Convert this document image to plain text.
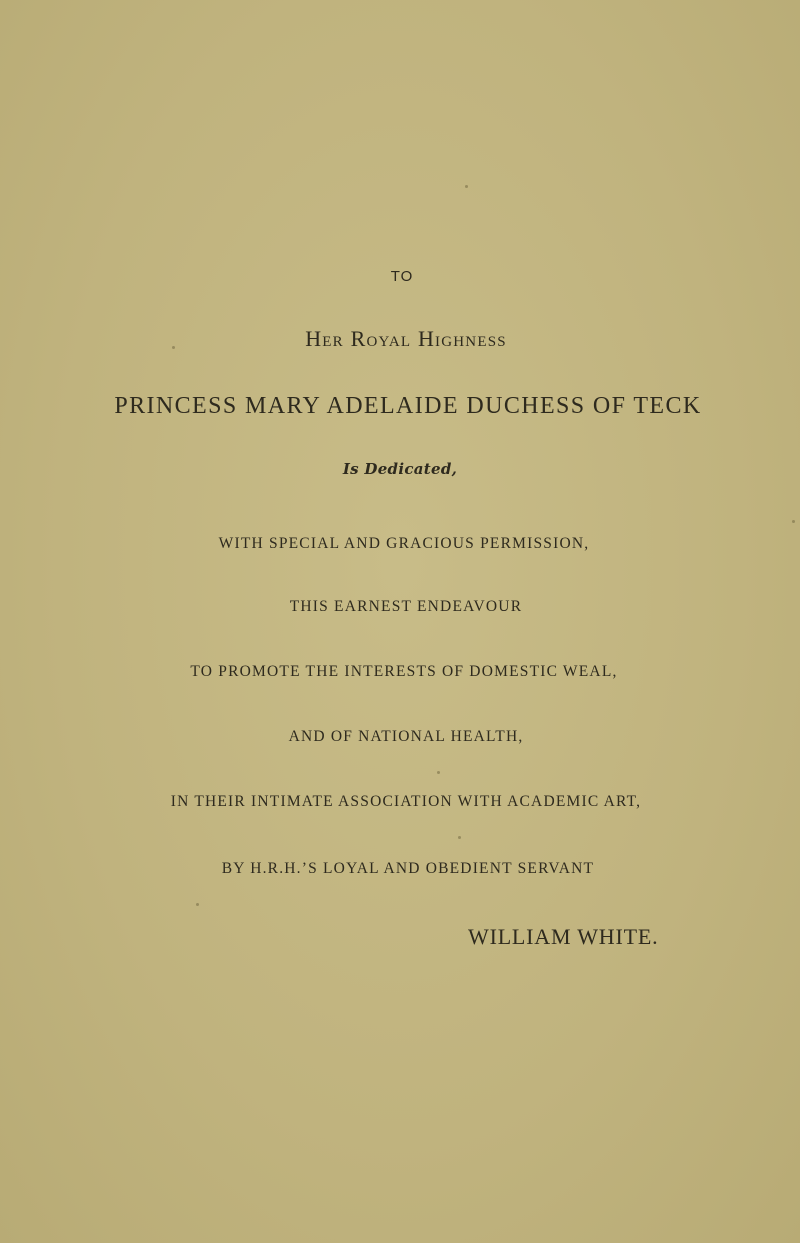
TO
Her Royal Highness
PRINCESS MARY ADELAIDE DUCHESS OF TECK
Is Dedicated,
WITH SPECIAL AND GRACIOUS PERMISSION,
THIS EARNEST ENDEAVOUR
TO PROMOTE THE INTERESTS OF DOMESTIC WEAL,
AND OF NATIONAL HEALTH,
IN THEIR INTIMATE ASSOCIATION WITH ACADEMIC ART,
BY H.R.H.’S LOYAL AND OBEDIENT SERVANT
WILLIAM WHITE.
